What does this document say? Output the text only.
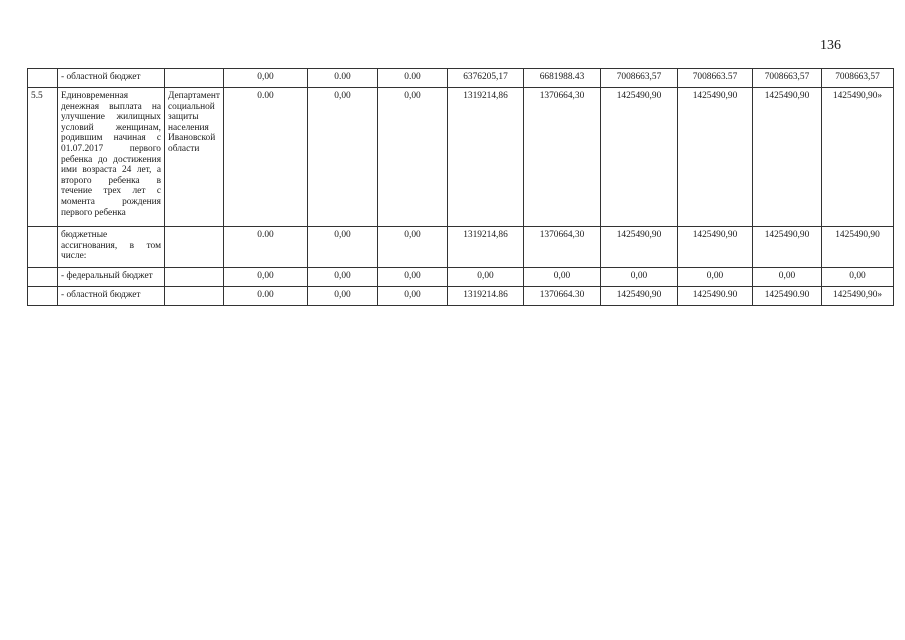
136
	- областной бюджет		0,00	0.00	0.00	6376205,17	6681988.43	7008663,57	7008663.57	7008663,57	7008663,57
5.5	Единовременная денежная выплата на улучшение жилищных условий женщинам, родившим начиная с 01.07.2017 первого ребенка до достижения ими возраста 24 лет, а второго ребенка в течение трех лет с момента рождения первого ребенка	Департамент социальной защиты населения Ивановской области	0.00	0,00	0,00	1319214,86	1370664,30	1425490,90	1425490,90	1425490,90	1425490,90»
	бюджетные ассигнования, в том числе:		0.00	0,00	0,00	1319214,86	1370664,30	1425490,90	1425490,90	1425490,90	1425490,90
	- федеральный бюджет		0,00	0,00	0,00	0,00	0,00	0,00	0,00	0,00	0,00
	- областной бюджет		0.00	0,00	0,00	1319214.86	1370664.30	1425490,90	1425490.90	1425490.90	1425490,90»
